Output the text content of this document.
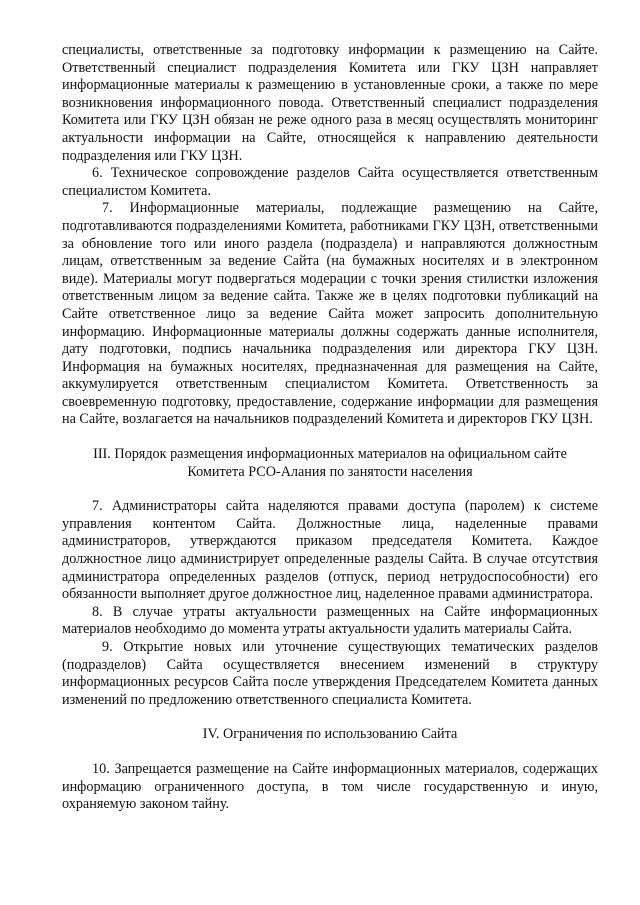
специалисты, ответственные за подготовку информации к размещению на Сайте. Ответственный специалист подразделения Комитета или ГКУ ЦЗН направляет информационные материалы к размещению в установленные сроки, а также по мере возникновения информационного повода. Ответственный специалист подразделения Комитета или ГКУ ЦЗН обязан не реже одного раза в месяц осуществлять мониторинг актуальности информации на Сайте, относящейся к направлению деятельности подразделения или ГКУ ЦЗН.

6. Техническое сопровождение разделов Сайта осуществляется ответственным специалистом Комитета.

7. Информационные материалы, подлежащие размещению на Сайте, подготавливаются подразделениями Комитета, работниками ГКУ ЦЗН, ответственными за обновление того или иного раздела (подраздела) и направляются должностным лицам, ответственным за ведение Сайта (на бумажных носителях и в электронном виде). Материалы могут подвергаться модерации с точки зрения стилистки изложения ответственным лицом за ведение сайта. Также же в целях подготовки публикаций на Сайте ответственное лицо за ведение Сайта может запросить дополнительную информацию. Информационные материалы должны содержать данные исполнителя, дату подготовки, подпись начальника подразделения или директора ГКУ ЦЗН. Информация на бумажных носителях, предназначенная для размещения на Сайте, аккумулируется ответственным специалистом Комитета. Ответственность за своевременную подготовку, предоставление, содержание информации для размещения на Сайте, возлагается на начальников подразделений Комитета и директоров ГКУ ЦЗН.

III. Порядок размещения информационных материалов на официальном сайте
Комитета РСО-Алания по занятости населения

7. Администраторы сайта наделяются правами доступа (паролем) к системе управления контентом Сайта. Должностные лица, наделенные правами администраторов, утверждаются приказом председателя Комитета. Каждое должностное лицо администрирует определенные разделы Сайта. В случае отсутствия администратора определенных разделов (отпуск, период нетрудоспособности) его обязанности выполняет другое должностное лиц, наделенное правами администратора.

8. В случае утраты актуальности размещенных на Сайте информационных материалов необходимо до момента утраты актуальности удалить материалы Сайта.

9. Открытие новых или уточнение существующих тематических разделов (подразделов) Сайта осуществляется внесением изменений в структуру информационных ресурсов Сайта после утверждения Председателем Комитета данных изменений по предложению ответственного специалиста Комитета.

IV. Ограничения по использованию Сайта

10. Запрещается размещение на Сайте информационных материалов, содержащих информацию ограниченного доступа, в том числе государственную и иную, охраняемую законом тайну.
